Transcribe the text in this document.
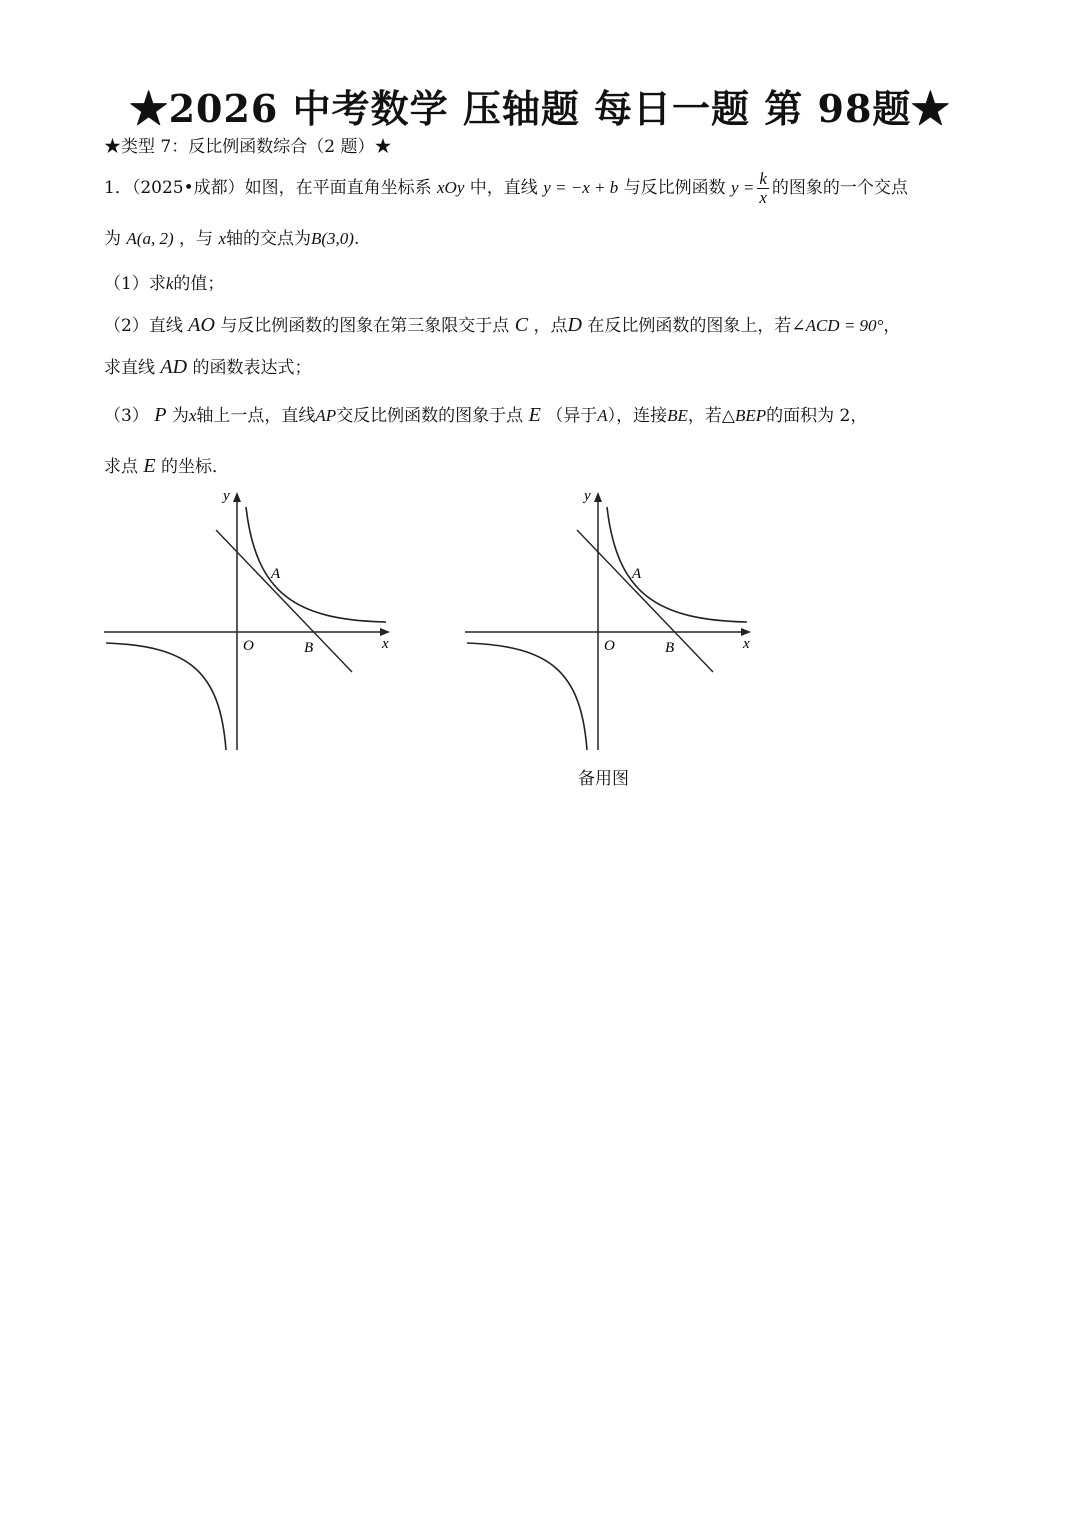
★2026 中考数学 压轴题 每日一题 第 98题★
★类型 7：反比例函数综合（2 题）★
1．（2025•成都）如图，在平面直角坐标系 xOy 中，直线 y = −x + b 与反比例函数 $y = \frac{k}{x}$ 的图象的一个交点
为 A(a, 2) ，与 x轴的交点为B(3,0).
（1）求k的值；
（2）直线 AO 与反比例函数的图象在第三象限交于点 C ，点D 在反比例函数的图象上，若∠ACD = 90°，
求直线 AD 的函数表达式；
（3） P 为x轴上一点，直线AP交反比例函数的图象于点 E （异于A），连接BE，若△BEP的面积为 2，
求点 E 的坐标．
y
x
O
A
B
y
x
O
A
B
备用图
